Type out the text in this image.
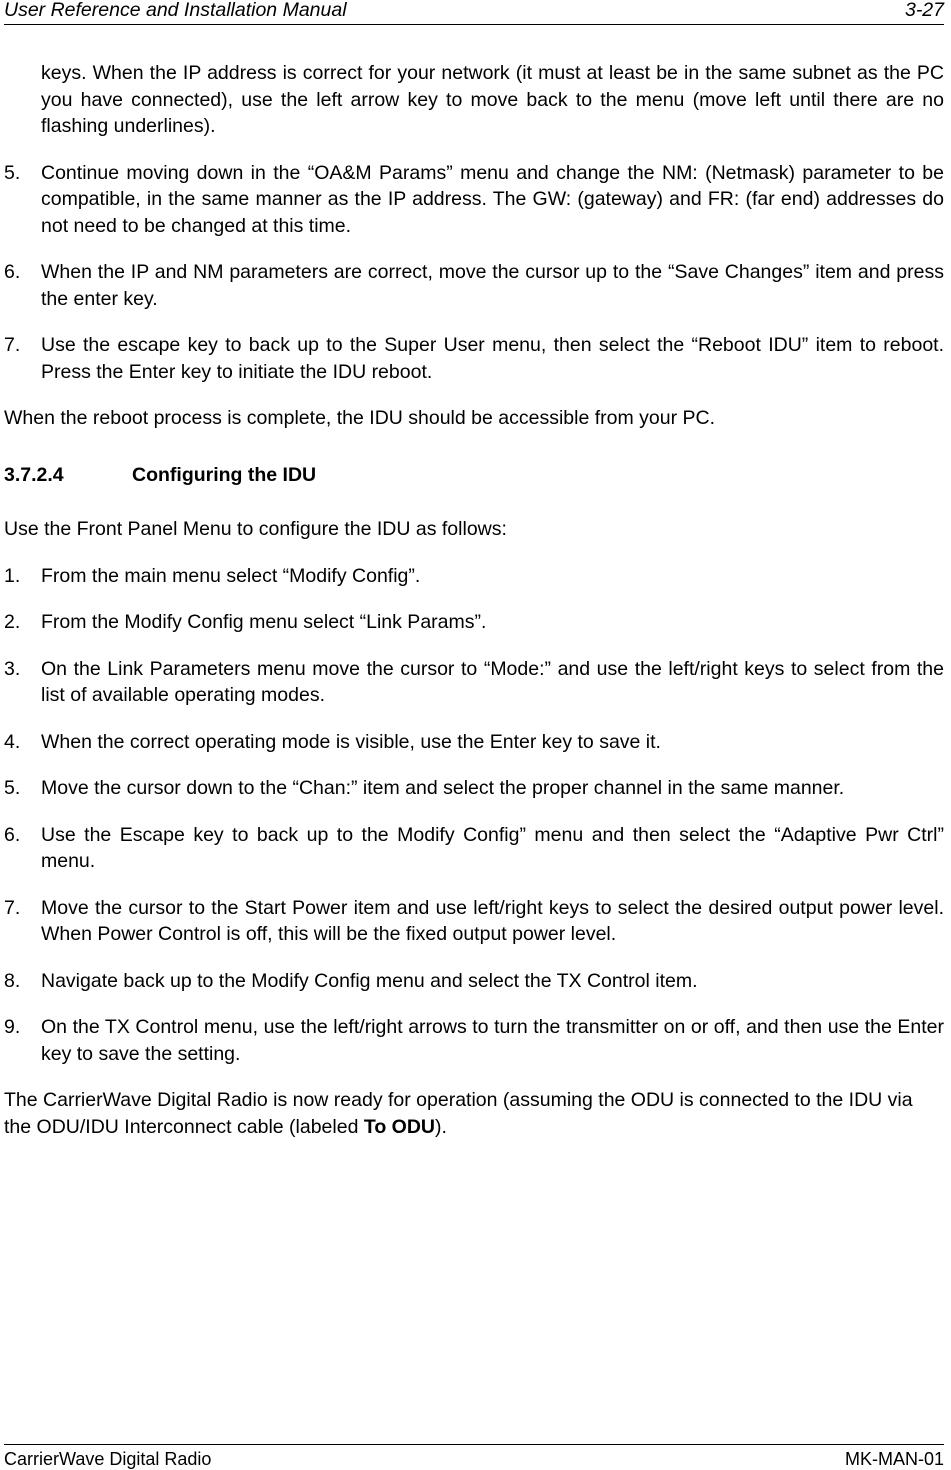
User Reference and Installation Manual	3-27

keys. When the IP address is correct for your network (it must at least be in the same subnet as the PC you have connected), use the left arrow key to move back to the menu (move left until there are no flashing underlines).

5. Continue moving down in the “OA&M Params” menu and change the NM: (Netmask) parameter to be compatible, in the same manner as the IP address. The GW: (gateway) and FR: (far end) addresses do not need to be changed at this time.

6. When the IP and NM parameters are correct, move the cursor up to the “Save Changes” item and press the enter key.

7. Use the escape key to back up to the Super User menu, then select the “Reboot IDU” item to reboot. Press the Enter key to initiate the IDU reboot.

When the reboot process is complete, the IDU should be accessible from your PC.

3.7.2.4	Configuring the IDU

Use the Front Panel Menu to configure the IDU as follows:

1. From the main menu select “Modify Config”.

2. From the Modify Config menu select “Link Params”.

3. On the Link Parameters menu move the cursor to “Mode:” and use the left/right keys to select from the list of available operating modes.

4. When the correct operating mode is visible, use the Enter key to save it.

5. Move the cursor down to the “Chan:” item and select the proper channel in the same manner.

6. Use the Escape key to back up to the Modify Config” menu and then select the “Adaptive Pwr Ctrl” menu.

7. Move the cursor to the Start Power item and use left/right keys to select the desired output power level. When Power Control is off, this will be the fixed output power level.

8. Navigate back up to the Modify Config menu and select the TX Control item.

9. On the TX Control menu, use the left/right arrows to turn the transmitter on or off, and then use the Enter key to save the setting.

The CarrierWave Digital Radio is now ready for operation (assuming the ODU is connected to the IDU via the ODU/IDU Interconnect cable (labeled To ODU).

CarrierWave Digital Radio	MK-MAN-01
